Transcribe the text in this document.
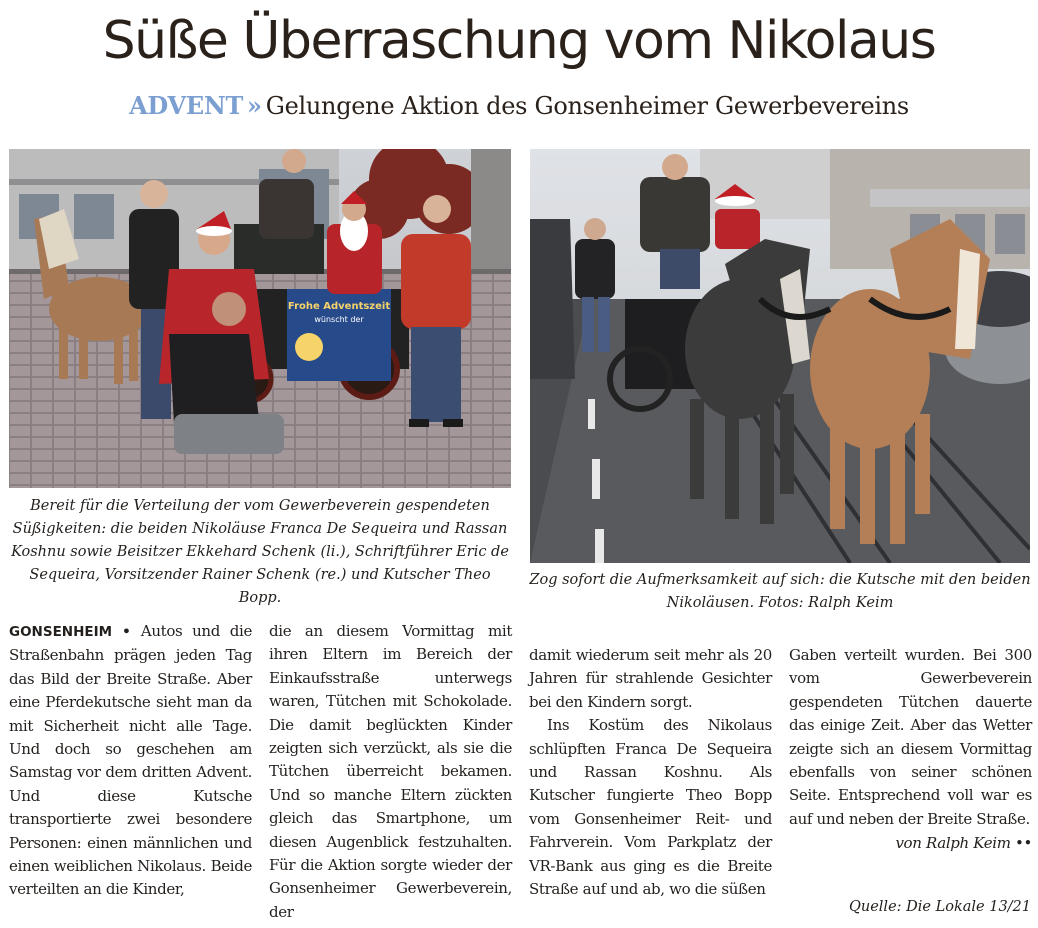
Süße Überraschung vom Nikolaus
ADVENT » Gelungene Aktion des Gonsenheimer Gewerbevereins
Frohe Adventszeit
wünscht der
Bereit für die Verteilung der vom Gewerbeverein gespendeten Süßigkeiten: die beiden Nikoläuse Franca De Sequeira und Rassan Koshnu sowie Beisitzer Ekkehard Schenk (li.), Schriftführer Eric de Sequeira, Vorsitzender Rainer Schenk (re.) und Kutscher Theo Bopp.
Zog sofort die Aufmerksamkeit auf sich: die Kutsche mit den beiden Nikoläusen. Fotos: Ralph Keim

GONSENHEIM • Autos und die Straßenbahn prägen jeden Tag das Bild der Breite Straße. Aber eine Pferdekutsche sieht man da mit Sicherheit nicht alle Tage. Und doch so geschehen am Samstag vor dem dritten Advent. Und diese Kutsche transportierte zwei besondere Personen: einen männlichen und einen weiblichen Nikolaus. Beide verteilten an die Kinder,

die an diesem Vormittag mit ihren Eltern im Bereich der Einkaufsstraße unterwegs waren, Tütchen mit Schokolade. Die damit beglückten Kinder zeigten sich verzückt, als sie die Tütchen überreicht bekamen. Und so manche Eltern zückten gleich das Smartphone, um diesen Augenblick festzuhalten. Für die Aktion sorgte wieder der Gonsenheimer Gewerbeverein, der

damit wiederum seit mehr als 20 Jahren für strahlende Gesichter bei den Kindern sorgt.

Ins Kostüm des Nikolaus schlüpften Franca De Sequeira und Rassan Koshnu. Als Kutscher fungierte Theo Bopp vom Gonsenheimer Reit- und Fahrverein. Vom Parkplatz der VR-Bank aus ging es die Breite Straße auf und ab, wo die süßen

Gaben verteilt wurden. Bei 300 vom Gewerbeverein gespendeten Tütchen dauerte das einige Zeit. Aber das Wetter zeigte sich an diesem Vormittag ebenfalls von seiner schönen Seite. Entsprechend voll war es auf und neben der Breite Straße.

von Ralph Keim ••
Quelle: Die Lokale 13/21
